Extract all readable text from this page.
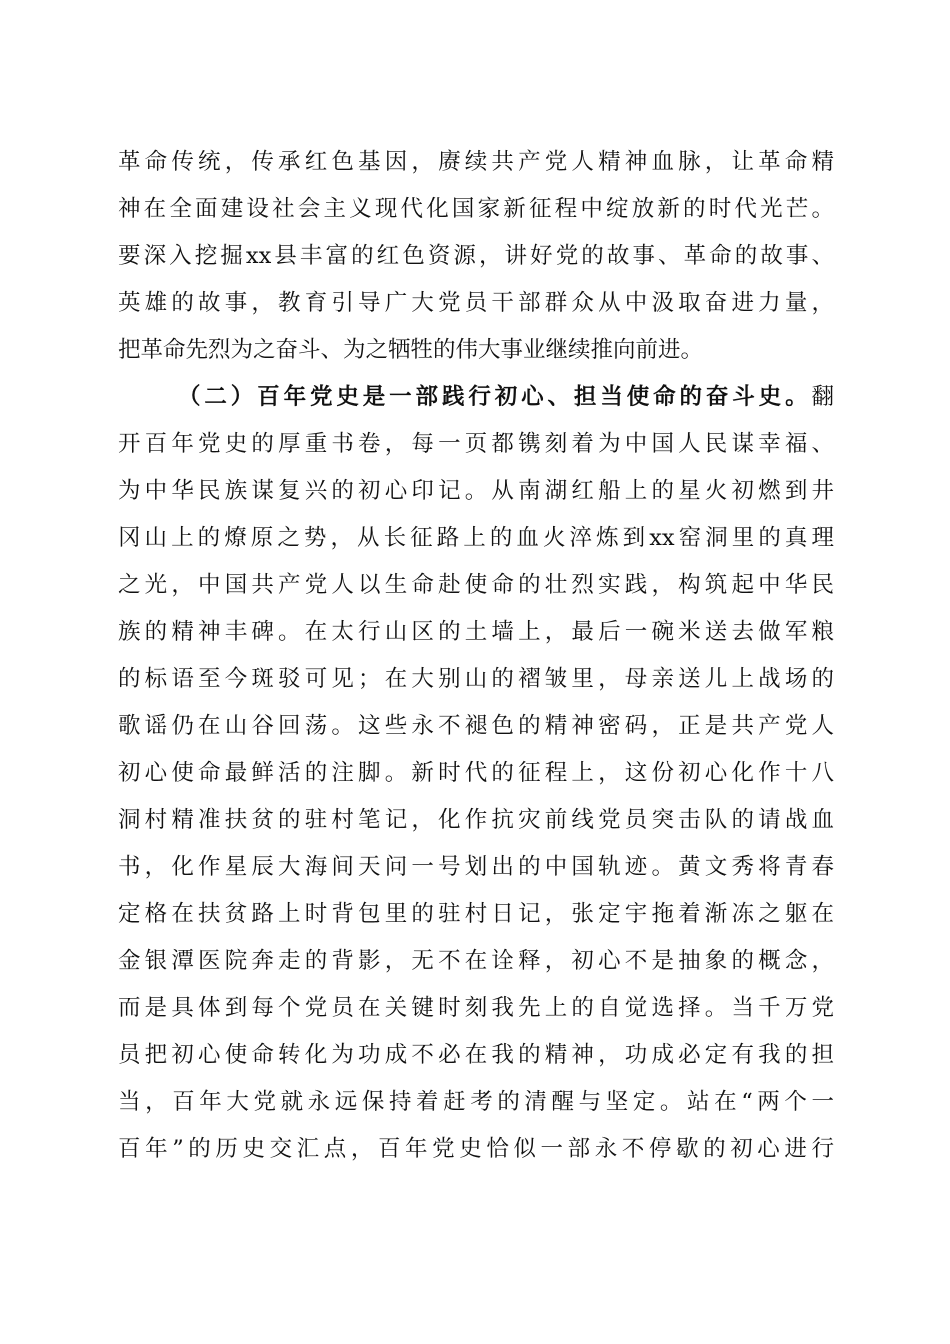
革命传统，传承红色基因，赓续共产党人精神血脉，让革命精
神在全面建设社会主义现代化国家新征程中绽放新的时代光芒。
要深入挖掘xx县丰富的红色资源，讲好党的故事、革命的故事、
英雄的故事，教育引导广大党员干部群众从中汲取奋进力量，
把革命先烈为之奋斗、为之牺牲的伟大事业继续推向前进。
（二）百年党史是一部践行初心、担当使命的奋斗史。翻
开百年党史的厚重书卷，每一页都镌刻着为中国人民谋幸福、
为中华民族谋复兴的初心印记。从南湖红船上的星火初燃到井
冈山上的燎原之势，从长征路上的血火淬炼到xx窑洞里的真理
之光，中国共产党人以生命赴使命的壮烈实践，构筑起中华民
族的精神丰碑。在太行山区的土墙上，最后一碗米送去做军粮
的标语至今斑驳可见；在大别山的褶皱里，母亲送儿上战场的
歌谣仍在山谷回荡。这些永不褪色的精神密码，正是共产党人
初心使命最鲜活的注脚。新时代的征程上，这份初心化作十八
洞村精准扶贫的驻村笔记，化作抗灾前线党员突击队的请战血
书，化作星辰大海间天问一号划出的中国轨迹。黄文秀将青春
定格在扶贫路上时背包里的驻村日记，张定宇拖着渐冻之躯在
金银潭医院奔走的背影，无不在诠释，初心不是抽象的概念，
而是具体到每个党员在关键时刻我先上的自觉选择。当千万党
员把初心使命转化为功成不必在我的精神，功成必定有我的担
当，百年大党就永远保持着赶考的清醒与坚定。站在“两个一
百年”的历史交汇点，百年党史恰似一部永不停歇的初心进行
